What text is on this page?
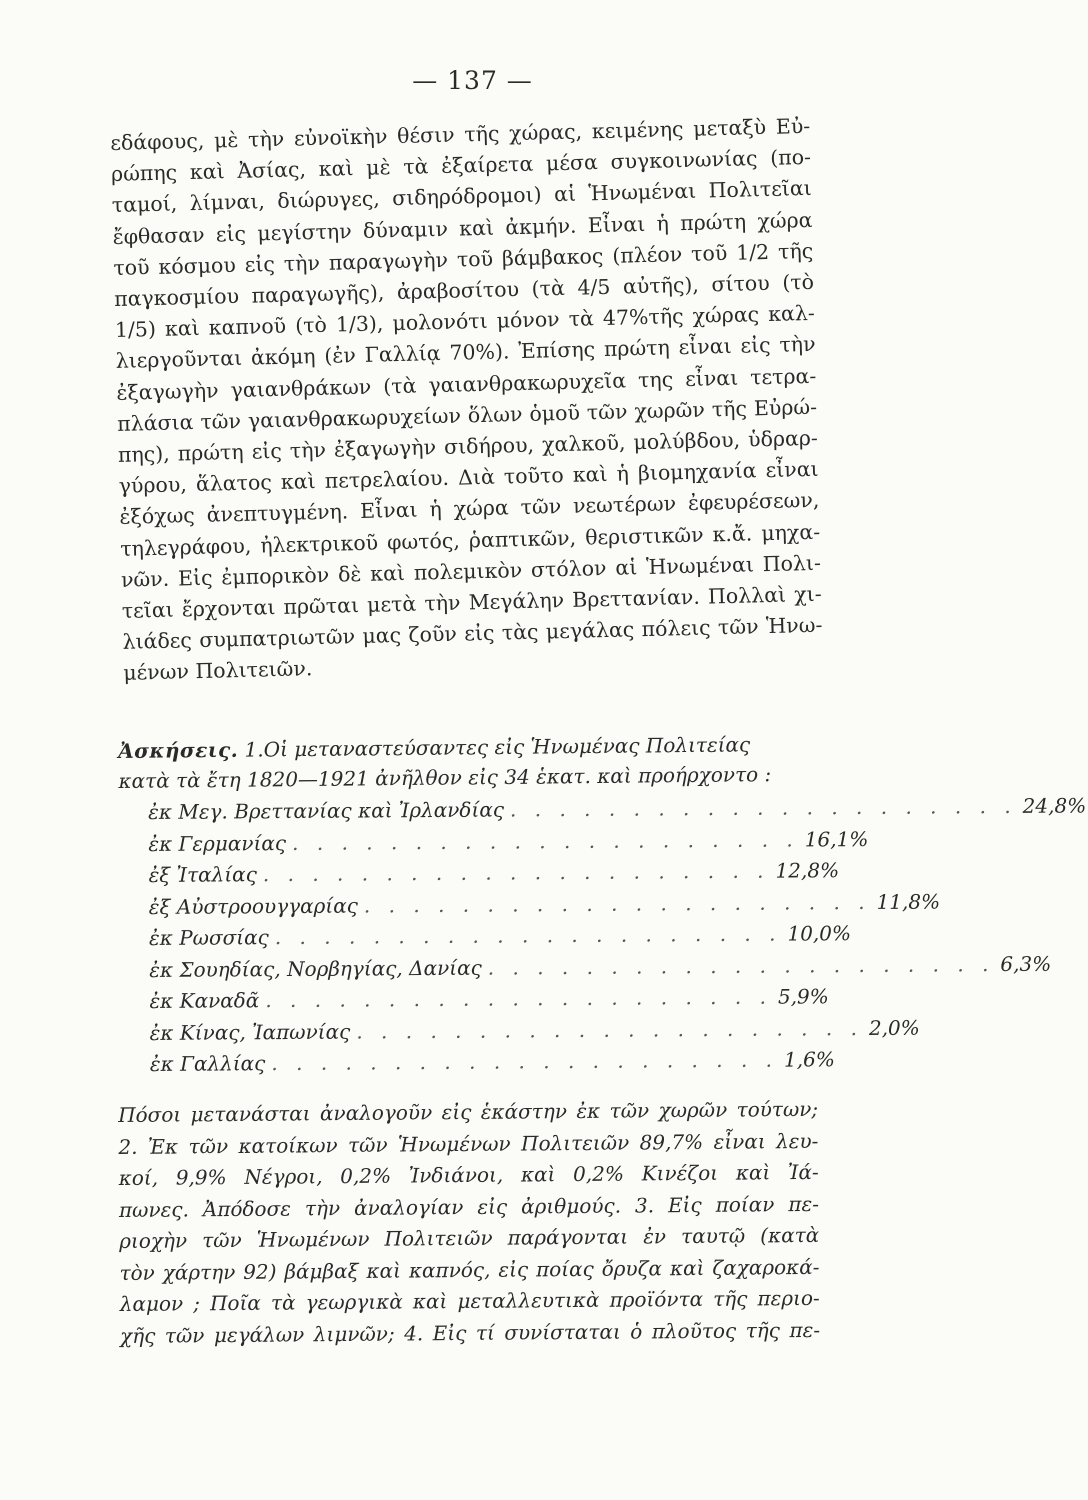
— 137 —
εδάφους, μὲ τὴν εὐνοϊκὴν θέσιν τῆς χώρας, κειμένης μεταξὺ Εὐ-
ρώπης καὶ Ἀσίας, καὶ μὲ τὰ ἐξαίρετα μέσα συγκοινωνίας (πο-
ταμοί, λίμναι, διώρυγες, σιδηρόδρομοι) αἱ Ἡνωμέναι Πολιτεῖαι
ἔφθασαν εἰς μεγίστην δύναμιν καὶ ἀκμήν. Εἶναι ἡ πρώτη χώρα
τοῦ κόσμου εἰς τὴν παραγωγὴν τοῦ βάμβακος (πλέον τοῦ 1/2 τῆς
παγκοσμίου παραγωγῆς), ἀραβοσίτου (τὰ 4/5 αὐτῆς), σίτου (τὸ
1/5) καὶ καπνοῦ (τὸ 1/3), μολονότι μόνον τὰ 47%τῆς χώρας καλ-
λιεργοῦνται ἀκόμη (ἐν Γαλλίᾳ 70%). Ἐπίσης πρώτη εἶναι εἰς τὴν
ἐξαγωγὴν γαιανθράκων (τὰ γαιανθρακωρυχεῖα της εἶναι τετρα-
πλάσια τῶν γαιανθρακωρυχείων ὅλων ὁμοῦ τῶν χωρῶν τῆς Εὐρώ-
πης), πρώτη εἰς τὴν ἐξαγωγὴν σιδήρου, χαλκοῦ, μολύβδου, ὑδραρ-
γύρου, ἅλατος καὶ πετρελαίου. Διὰ τοῦτο καὶ ἡ βιομηχανία εἶναι
ἐξόχως ἀνεπτυγμένη. Εἶναι ἡ χώρα τῶν νεωτέρων ἐφευρέσεων,
τηλεγράφου, ἠλεκτρικοῦ φωτός, ῥαπτικῶν, θεριστικῶν κ.ἄ. μηχα-
νῶν. Εἰς ἐμπορικὸν δὲ καὶ πολεμικὸν στόλον αἱ Ἡνωμέναι Πολι-
τεῖαι ἔρχονται πρῶται μετὰ τὴν Μεγάλην Βρεττανίαν. Πολλαὶ χι-
λιάδες συμπατριωτῶν μας ζοῦν εἰς τὰς μεγάλας πόλεις τῶν Ἡνω-
μένων Πολιτειῶν.
Ἀσκήσεις. 1.Οἱ μεταναστεύσαντες εἰς Ἡνωμένας Πολιτείας
κατὰ τὰ ἔτη 1820—1921 ἀνῆλθον εἰς 34 ἑκατ. καὶ προήρχοντο :
ἐκ Μεγ. Βρεττανίας καὶ Ἰρλανδίας . . . . . . . . . . . . . . . . . . . . . 24,8%
ἐκ Γερμανίας . . . . . . . . . . . . . . . . . . . . . 16,1%
ἐξ Ἰταλίας . . . . . . . . . . . . . . . . . . . . . 12,8%
ἐξ Αὐστροουγγαρίας . . . . . . . . . . . . . . . . . . . . . 11,8%
ἐκ Ρωσσίας . . . . . . . . . . . . . . . . . . . . . 10,0%
ἐκ Σουηδίας, Νορβηγίας, Δανίας . . . . . . . . . . . . . . . . . . . . . 6,3%
ἐκ Καναδᾶ . . . . . . . . . . . . . . . . . . . . . 5,9%
ἐκ Κίνας, Ἰαπωνίας . . . . . . . . . . . . . . . . . . . . . 2,0%
ἐκ Γαλλίας . . . . . . . . . . . . . . . . . . . . . 1,6%
Πόσοι μετανάσται ἀναλογοῦν εἰς ἑκάστην ἐκ τῶν χωρῶν τούτων;
2. Ἐκ τῶν κατοίκων τῶν Ἡνωμένων Πολιτειῶν 89,7% εἶναι λευ-
κοί, 9,9% Νέγροι, 0,2% Ἰνδιάνοι, καὶ 0,2% Κινέζοι καὶ Ἰά-
πωνες. Ἀπόδοσε τὴν ἀναλογίαν εἰς ἀριθμούς. 3. Εἰς ποίαν πε-
ριοχὴν τῶν Ἡνωμένων Πολιτειῶν παράγονται ἐν ταυτῷ (κατὰ
τὸν χάρτην 92) βάμβαξ καὶ καπνός, εἰς ποίας ὄρυζα καὶ ζαχαροκά-
λαμον ; Ποῖα τὰ γεωργικὰ καὶ μεταλλευτικὰ προϊόντα τῆς περιο-
χῆς τῶν μεγάλων λιμνῶν; 4. Εἰς τί συνίσταται ὁ πλοῦτος τῆς πε-
